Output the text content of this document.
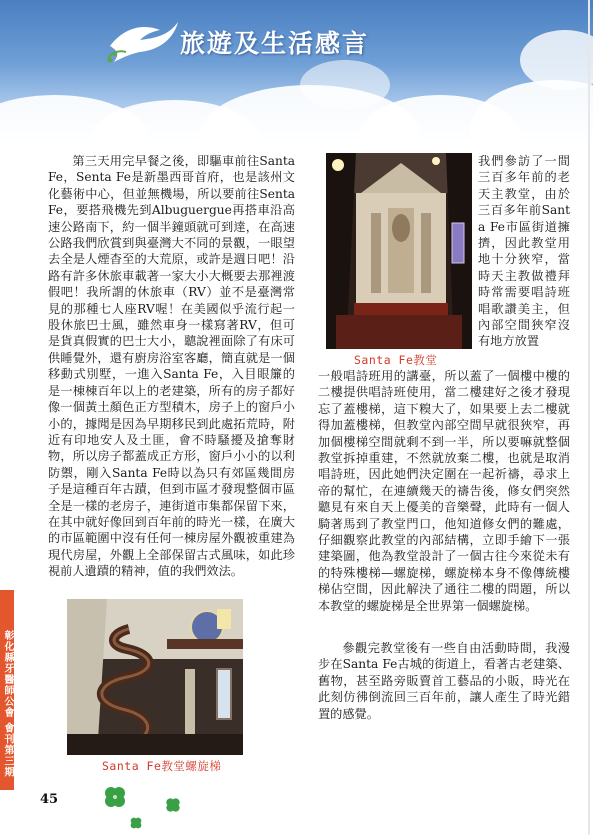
旅遊及生活感言

第三天用完早餐之後，即驅車前往Santa Fe，Senta Fe是新墨西哥首府，也是該州文化藝術中心，但並無機場，所以要前往Senta Fe，要搭飛機先到Albuguergue再搭車沿高速公路南下，約一個半鐘頭就可到達，在高速公路我們欣賞到與臺灣大不同的景觀，一眼望去全是人煙杳至的大荒原，或許是週日吧！沿路有許多休旅車載著一家大小大概要去那裡渡假吧！我所謂的休旅車（RV）並不是臺灣常見的那種七人座RV喔！在美國似乎流行起一股休旅巴士風，雖然車身一樣寫著RV，但可是貨真假實的巴士大小，聽說裡面除了有床可供睡覺外，還有廚房浴室客廳，簡直就是一個移動式別墅，一進入Santa Fe，入目眼簾的是一棟棟百年以上的老建築，所有的房子都好像一個黃土顏色正方型積木，房子上的窗戶小小的，據聞是因為早期移民到此處拓荒時，附近有印地安人及土匪，會不時騷擾及搶奪財物，所以房子都蓋成正方形，窗戶小小的以利防禦，剛入Santa Fe時以為只有郊區幾間房子是這種百年古蹟，但到市區才發現整個市區全是一樣的老房子，連街道市集都保留下來，在其中就好像回到百年前的時光一樣，在廣大的市區範圍中沒有任何一棟房屋外觀被重建為現代房屋，外觀上全部保留古式風味，如此珍視前人遺蹟的精神，值的我們效法。

Santa Fe教堂

我們參訪了一間三百多年前的老天主教堂，由於三百多年前Santa Fe市區街道擁擠，因此教堂用地十分狹窄，當時天主教做禮拜時常需要唱詩班唱歌讚美主，但內部空間狹窄沒有地方放置

一般唱詩班用的講臺，所以蓋了一個樓中樓的二樓提供唱詩班使用，當二樓建好之後才發現忘了蓋樓梯，這下糗大了，如果要上去二樓就得加蓋樓梯，但教堂內部空間早就很狹窄，再加個樓梯空間就剩不到一半，所以要嘛就整個教堂拆掉重建，不然就放棄二樓，也就是取消唱詩班，因此她們決定圍在一起祈禱，尋求上帝的幫忙，在連續幾天的禱告後，修女們突然聽見有來自天上優美的音樂聲，此時有一個人騎著馬到了教堂門口，他知道修女們的難處，仔細觀察此教堂的內部結構，立即手繪下一張建築圖，他為教堂設計了一個古往今來從未有的特殊樓梯—螺旋梯，螺旋梯本身不像傳統樓梯佔空間，因此解決了通往二樓的問題，所以本教堂的螺旋梯是全世界第一個螺旋梯。

參觀完教堂後有一些自由活動時間，我漫步在Santa Fe古城的街道上，看著古老建築、舊物，甚至路旁販賣首工藝品的小販，時光在此刻仿彿倒流回三百年前，讓人產生了時光錯置的感覺。

Santa Fe教堂螺旋梯
彰化縣牙醫師公會 會刊第三期
45
